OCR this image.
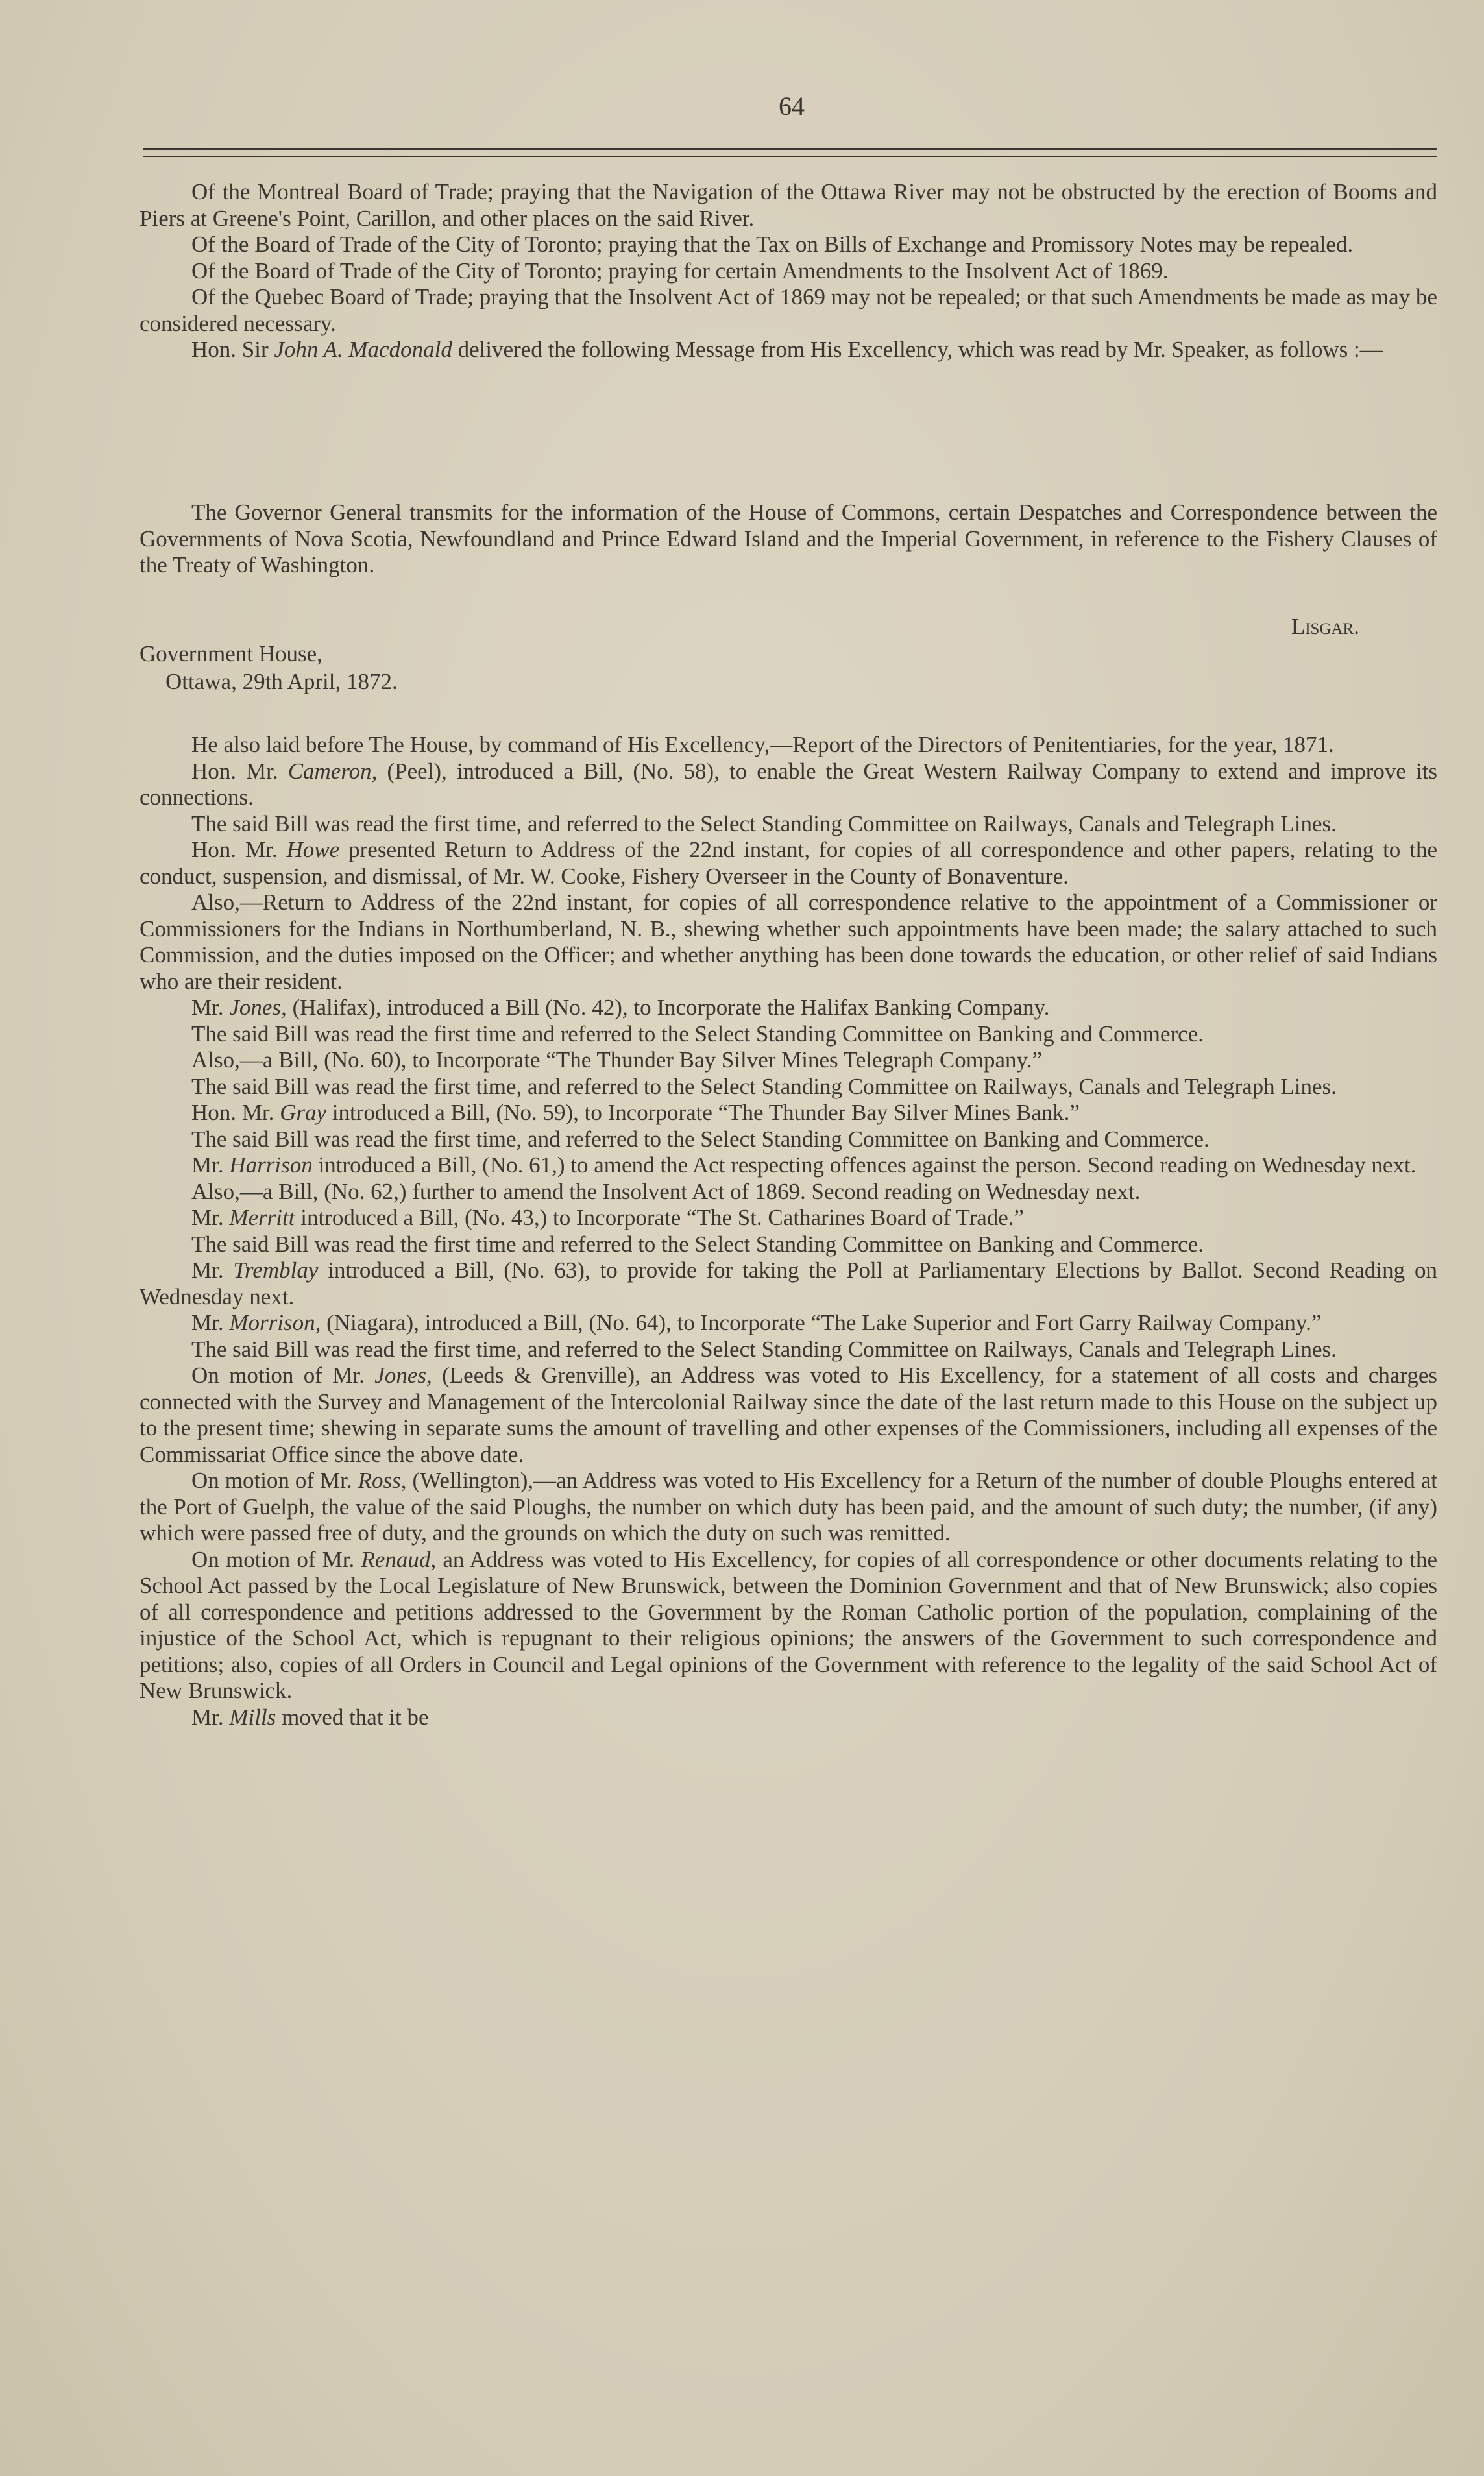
64

Of the Montreal Board of Trade; praying that the Navigation of the Ottawa River may not be obstructed by the erection of Booms and Piers at Greene's Point, Carillon, and other places on the said River.

Of the Board of Trade of the City of Toronto; praying that the Tax on Bills of Exchange and Promissory Notes may be repealed.

Of the Board of Trade of the City of Toronto; praying for certain Amendments to the Insolvent Act of 1869.

Of the Quebec Board of Trade; praying that the Insolvent Act of 1869 may not be repealed; or that such Amendments be made as may be considered necessary.

Hon. Sir John A. Macdonald delivered the following Message from His Excellency, which was read by Mr. Speaker, as follows :—

The Governor General transmits for the information of the House of Commons, certain Despatches and Correspondence between the Governments of Nova Scotia, Newfoundland and Prince Edward Island and the Imperial Government, in reference to the Fishery Clauses of the Treaty of Washington.

Lisgar.

Government House,

Ottawa, 29th April, 1872.

He also laid before The House, by command of His Excellency,—Report of the Directors of Penitentiaries, for the year, 1871.

Hon. Mr. Cameron, (Peel), introduced a Bill, (No. 58), to enable the Great Western Railway Company to extend and improve its connections.

The said Bill was read the first time, and referred to the Select Standing Committee on Railways, Canals and Telegraph Lines.

Hon. Mr. Howe presented Return to Address of the 22nd instant, for copies of all correspondence and other papers, relating to the conduct, suspension, and dismissal, of Mr. W. Cooke, Fishery Overseer in the County of Bonaventure.

Also,—Return to Address of the 22nd instant, for copies of all correspondence relative to the appointment of a Commissioner or Commissioners for the Indians in Northumberland, N. B., shewing whether such appointments have been made; the salary attached to such Commission, and the duties imposed on the Officer; and whether anything has been done towards the education, or other relief of said Indians who are their resident.

Mr. Jones, (Halifax), introduced a Bill (No. 42), to Incorporate the Halifax Banking Company.

The said Bill was read the first time and referred to the Select Standing Committee on Banking and Commerce.

Also,—a Bill, (No. 60), to Incorporate “The Thunder Bay Silver Mines Telegraph Company.”

The said Bill was read the first time, and referred to the Select Standing Committee on Railways, Canals and Telegraph Lines.

Hon. Mr. Gray introduced a Bill, (No. 59), to Incorporate “The Thunder Bay Silver Mines Bank.”

The said Bill was read the first time, and referred to the Select Standing Committee on Banking and Commerce.

Mr. Harrison introduced a Bill, (No. 61,) to amend the Act respecting offences against the person. Second reading on Wednesday next.

Also,—a Bill, (No. 62,) further to amend the Insolvent Act of 1869. Second reading on Wednesday next.

Mr. Merritt introduced a Bill, (No. 43,) to Incorporate “The St. Catharines Board of Trade.”

The said Bill was read the first time and referred to the Select Standing Committee on Banking and Commerce.

Mr. Tremblay introduced a Bill, (No. 63), to provide for taking the Poll at Parliamentary Elections by Ballot. Second Reading on Wednesday next.

Mr. Morrison, (Niagara), introduced a Bill, (No. 64), to Incorporate “The Lake Superior and Fort Garry Railway Company.”

The said Bill was read the first time, and referred to the Select Standing Committee on Railways, Canals and Telegraph Lines.

On motion of Mr. Jones, (Leeds & Grenville), an Address was voted to His Excellency, for a statement of all costs and charges connected with the Survey and Management of the Intercolonial Railway since the date of the last return made to this House on the subject up to the present time; shewing in separate sums the amount of travelling and other expenses of the Commissioners, including all expenses of the Commissariat Office since the above date.

On motion of Mr. Ross, (Wellington),—an Address was voted to His Excellency for a Return of the number of double Ploughs entered at the Port of Guelph, the value of the said Ploughs, the number on which duty has been paid, and the amount of such duty; the number, (if any) which were passed free of duty, and the grounds on which the duty on such was remitted.

On motion of Mr. Renaud, an Address was voted to His Excellency, for copies of all correspondence or other documents relating to the School Act passed by the Local Legislature of New Brunswick, between the Dominion Government and that of New Brunswick; also copies of all correspondence and petitions addressed to the Government by the Roman Catholic portion of the population, complaining of the injustice of the School Act, which is repugnant to their religious opinions; the answers of the Government to such correspondence and petitions; also, copies of all Orders in Council and Legal opinions of the Government with reference to the legality of the said School Act of New Brunswick.

Mr. Mills moved that it be
